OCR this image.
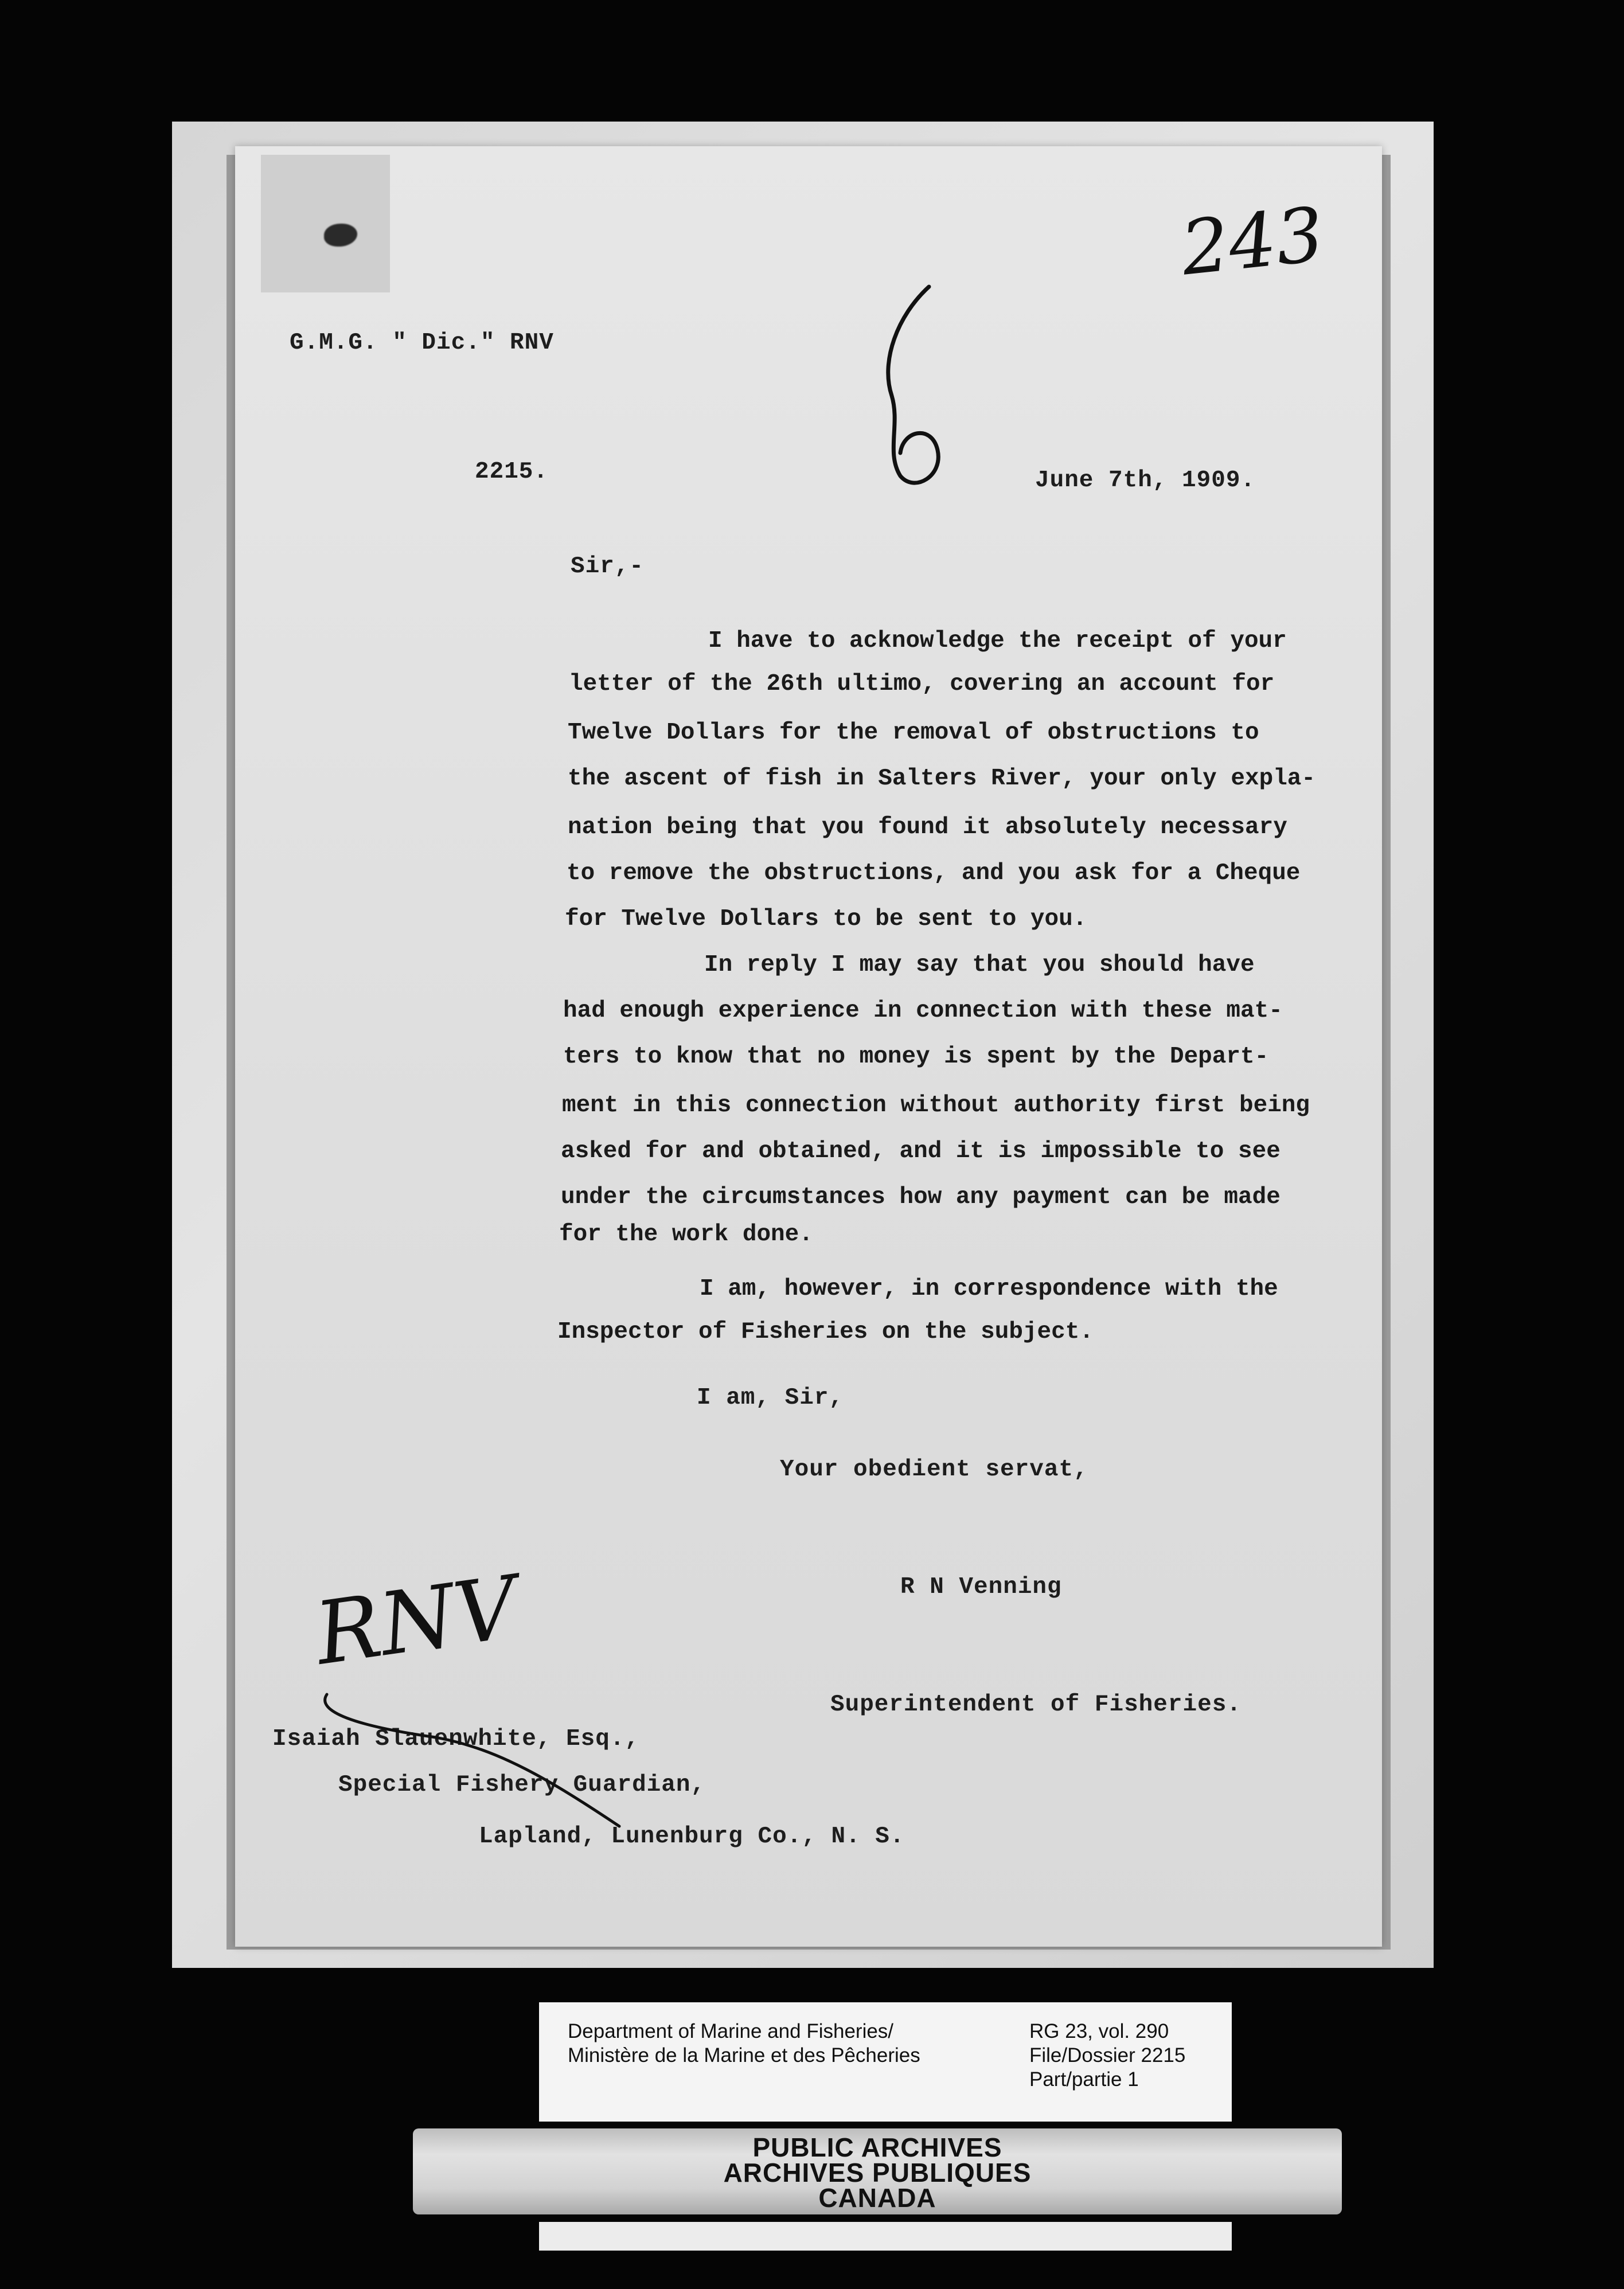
243
G.M.G. " Dic." RNV
2215.	June 7th, 1909.
Sir,-
I have to acknowledge the receipt of your
letter of the 26th ultimo, covering an account for
Twelve Dollars for the removal of obstructions to
the ascent of fish in Salters River, your only expla-
nation being that you found it absolutely necessary
to remove the obstructions, and you ask for a Cheque
for Twelve Dollars to be sent to you.
In reply I may say that you should have
had enough experience in connection with these mat-
ters to know that no money is spent by the Depart-
ment in this connection without authority first being
asked for and obtained, and it is impossible to see
under the circumstances how any payment can be made
for the work done.
I am, however, in correspondence with the
Inspector of Fisheries on the subject.
I am, Sir,
Your obedient servat,
R N Venning
Superintendent of Fisheries.
RNV
Isaiah Slauenwhite, Esq.,
Special Fishery Guardian,
Lapland, Lunenburg Co., N. S.
Department of Marine and Fisheries/
Ministère de la Marine et des Pêcheries
RG 23, vol. 290
File/Dossier 2215
Part/partie 1
PUBLIC ARCHIVES
ARCHIVES PUBLIQUES
CANADA
